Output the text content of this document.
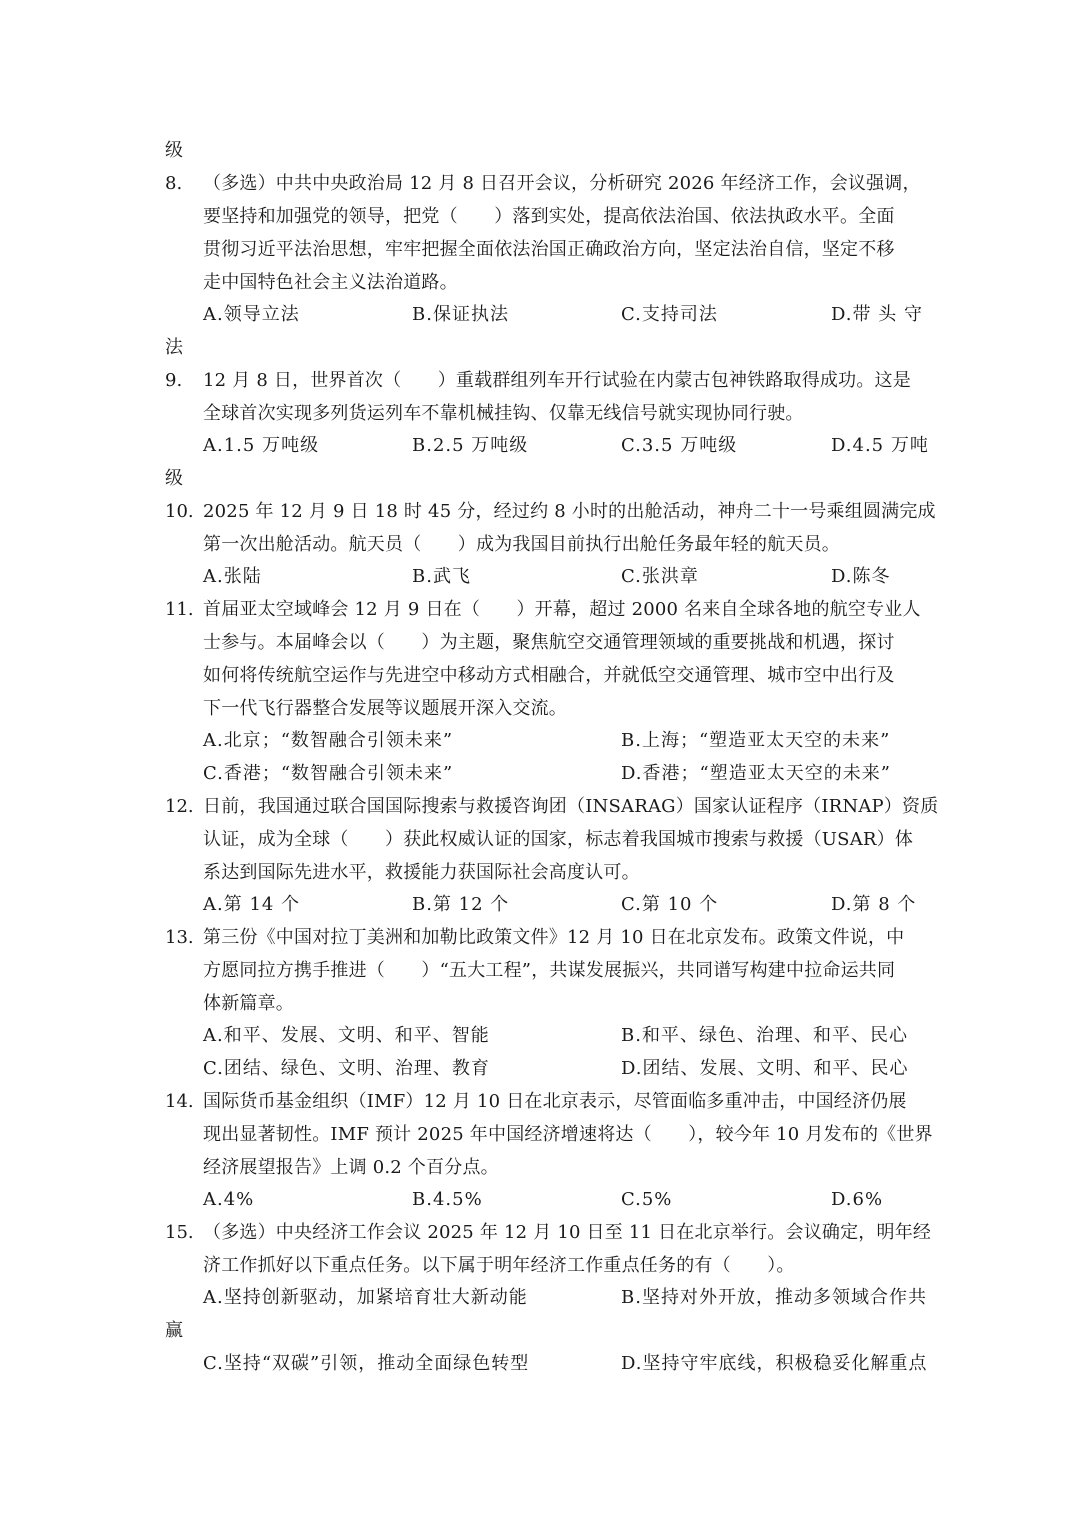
级
8. （多选）中共中央政治局 12 月 8 日召开会议，分析研究 2026 年经济工作，会议强调，
要坚持和加强党的领导，把党（　　）落到实处，提高依法治国、依法执政水平。全面
贯彻习近平法治思想，牢牢把握全面依法治国正确政治方向，坚定法治自信，坚定不移
走中国特色社会主义法治道路。
A.领导立法	B.保证执法	C.支持司法	D.带 头 守
法
9. 12 月 8 日，世界首次（　　）重载群组列车开行试验在内蒙古包神铁路取得成功。这是
全球首次实现多列货运列车不靠机械挂钩、仅靠无线信号就实现协同行驶。
A.1.5 万吨级	B.2.5 万吨级	C.3.5 万吨级	D.4.5 万吨
级
10. 2025 年 12 月 9 日 18 时 45 分，经过约 8 小时的出舱活动，神舟二十一号乘组圆满完成
第一次出舱活动。航天员（　　）成为我国目前执行出舱任务最年轻的航天员。
A.张陆	B.武飞	C.张洪章	D.陈冬
11. 首届亚太空域峰会 12 月 9 日在（　　）开幕，超过 2000 名来自全球各地的航空专业人
士参与。本届峰会以（　　）为主题，聚焦航空交通管理领域的重要挑战和机遇，探讨
如何将传统航空运作与先进空中移动方式相融合，并就低空交通管理、城市空中出行及
下一代飞行器整合发展等议题展开深入交流。
A.北京；“数智融合引领未来”	B.上海；“塑造亚太天空的未来”
C.香港；“数智融合引领未来”	D.香港；“塑造亚太天空的未来”
12. 日前，我国通过联合国国际搜索与救援咨询团（INSARAG）国家认证程序（IRNAP）资质
认证，成为全球（　　）获此权威认证的国家，标志着我国城市搜索与救援（USAR）体
系达到国际先进水平，救援能力获国际社会高度认可。
A.第 14 个	B.第 12 个	C.第 10 个	D.第 8 个
13. 第三份《中国对拉丁美洲和加勒比政策文件》12 月 10 日在北京发布。政策文件说，中
方愿同拉方携手推进（　　）“五大工程”，共谋发展振兴，共同谱写构建中拉命运共同
体新篇章。
A.和平、发展、文明、和平、智能	B.和平、绿色、治理、和平、民心
C.团结、绿色、文明、治理、教育	D.团结、发展、文明、和平、民心
14. 国际货币基金组织（IMF）12 月 10 日在北京表示，尽管面临多重冲击，中国经济仍展
现出显著韧性。IMF 预计 2025 年中国经济增速将达（　　），较今年 10 月发布的《世界
经济展望报告》上调 0.2 个百分点。
A.4%	B.4.5%	C.5%	D.6%
15. （多选）中央经济工作会议 2025 年 12 月 10 日至 11 日在北京举行。会议确定，明年经
济工作抓好以下重点任务。以下属于明年经济工作重点任务的有（　　）。
A.坚持创新驱动，加紧培育壮大新动能	B.坚持对外开放，推动多领域合作共
赢
C.坚持“双碳”引领，推动全面绿色转型	D.坚持守牢底线，积极稳妥化解重点
